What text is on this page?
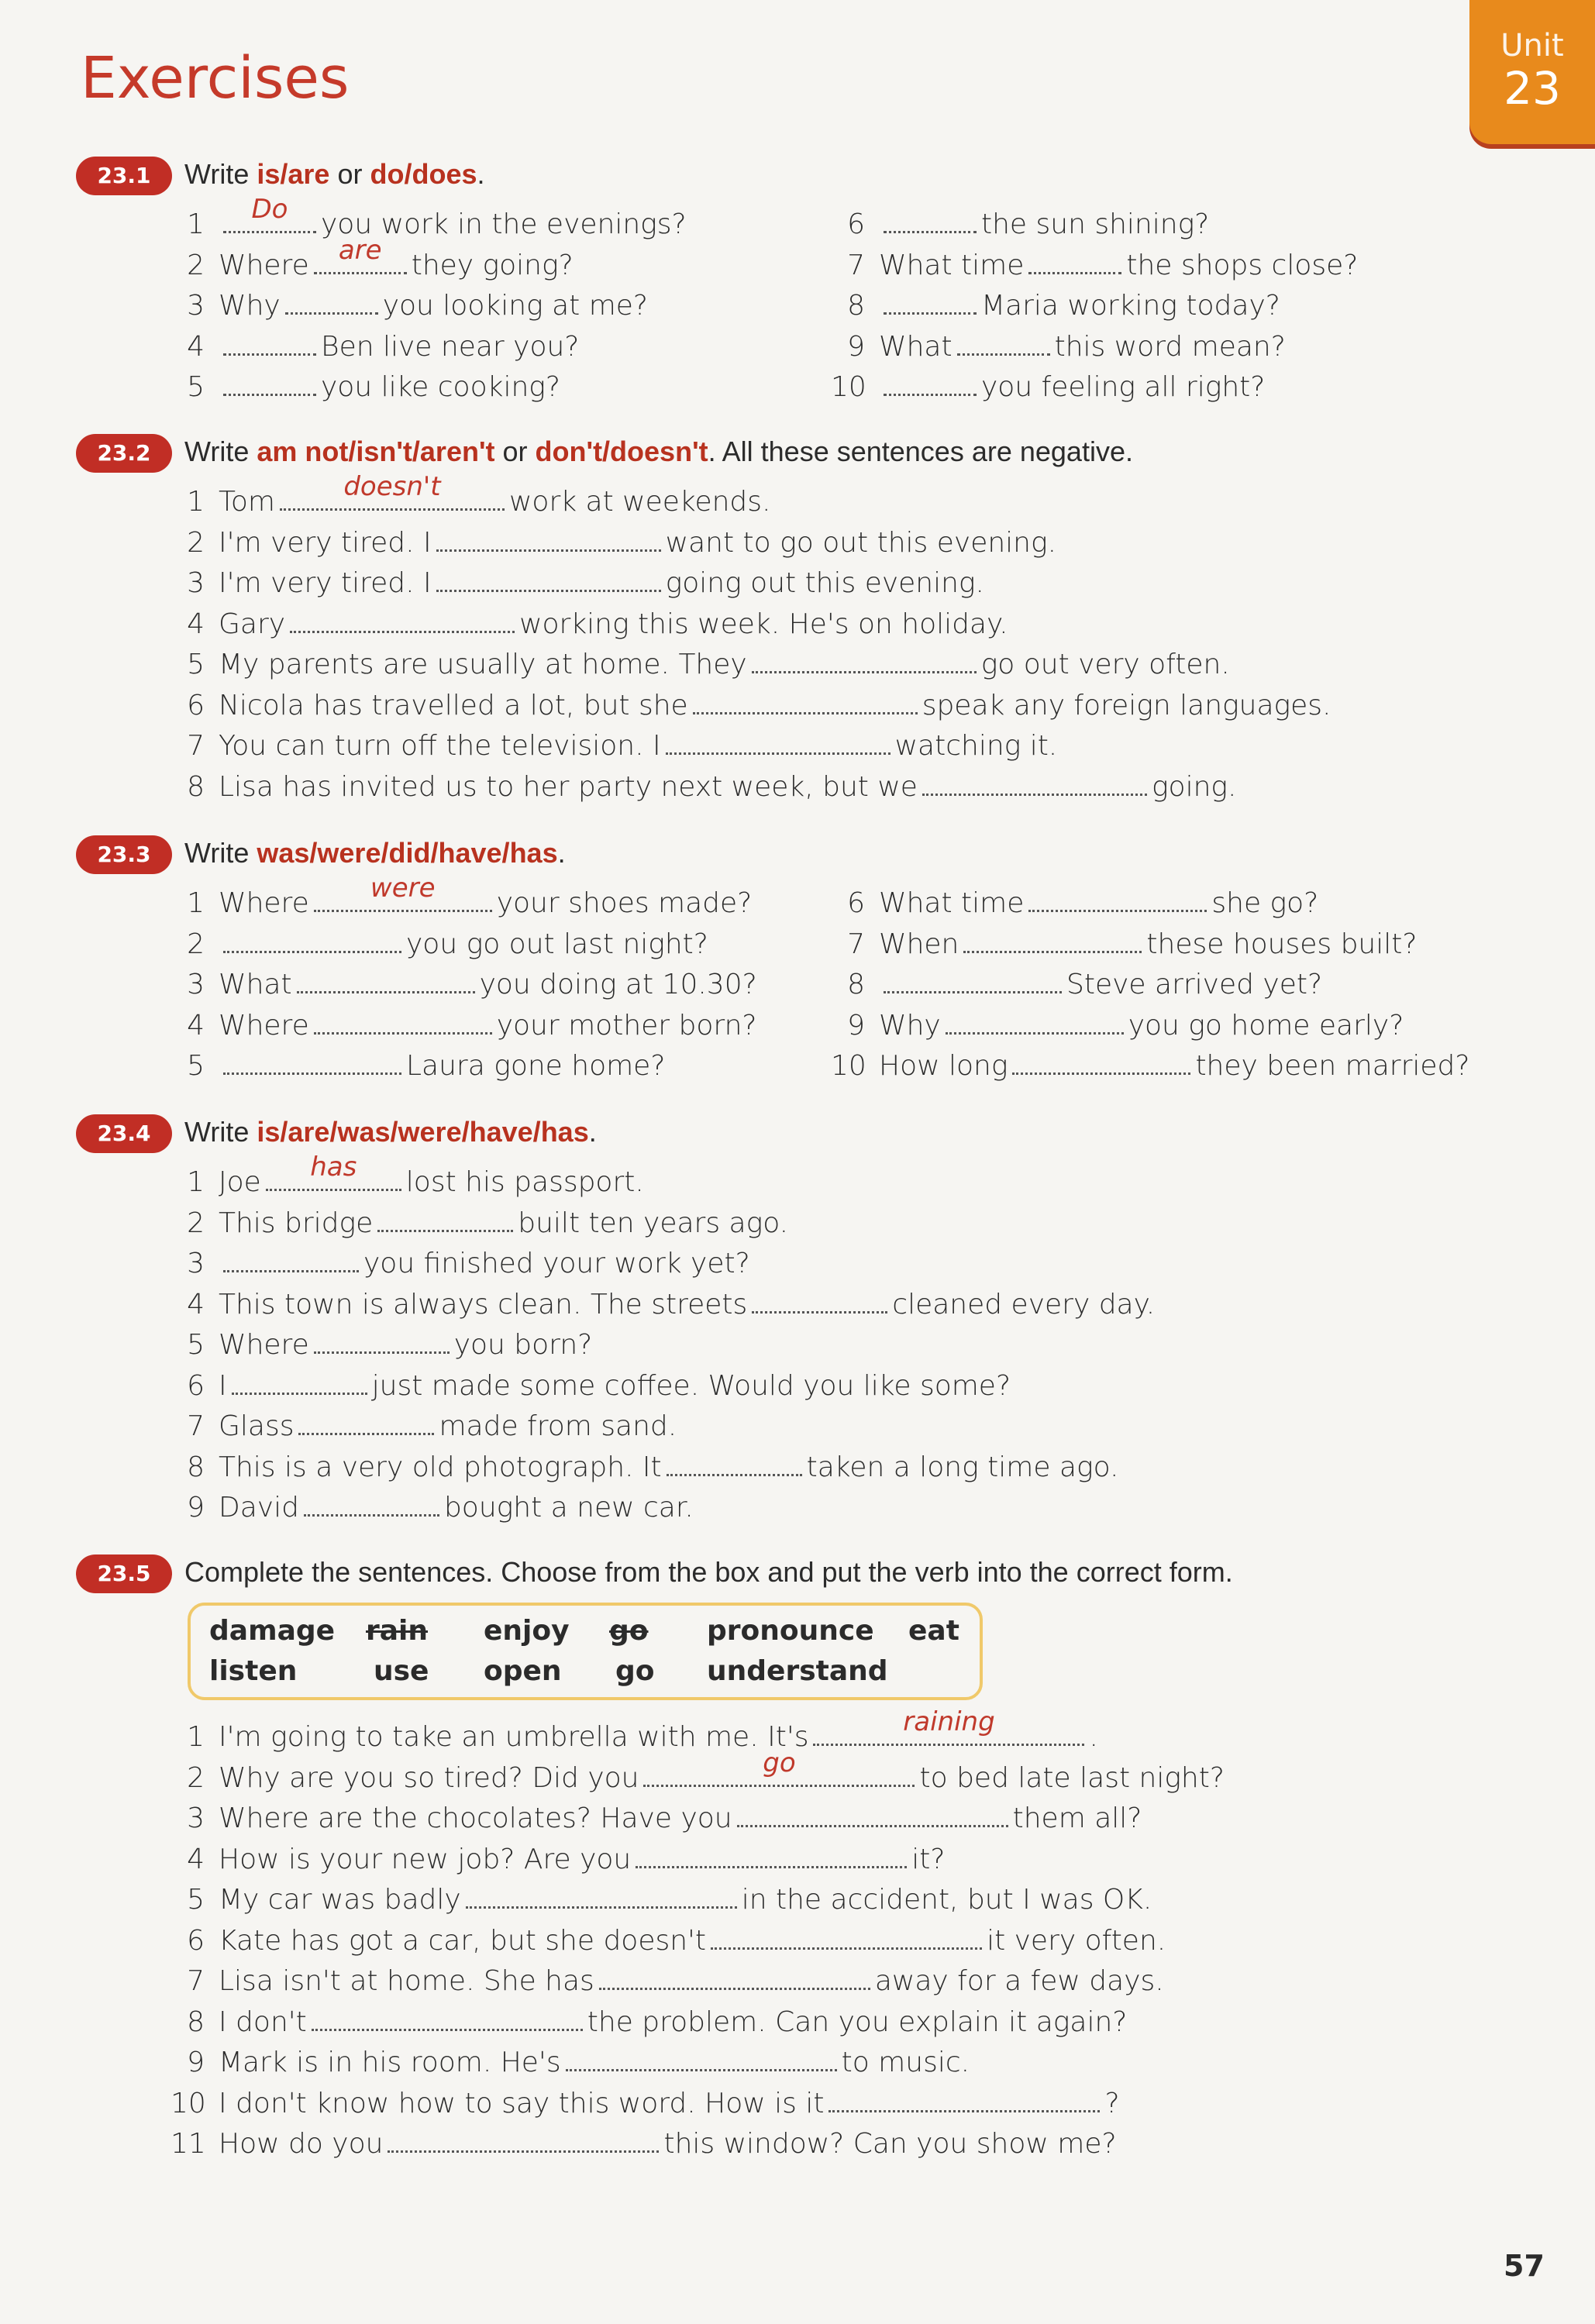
Exercises	Unit
23
23.1	Write is/are or do/does.
1	Do	you work in the evenings?
2 Where	are	they going?
3 Why	you looking at me?
4	Ben live near you?
5	you like cooking?
6	the sun shining?
7 What time	the shops close?
8	Maria working today?
9 What	this word mean?
10	you feeling all right?
23.2	Write am not/isn't/aren't or don't/doesn't. All these sentences are negative.
1 Tom	doesn't	work at weekends.
2 I'm very tired. I	want to go out this evening.
3 I'm very tired. I	going out this evening.
4 Gary	working this week. He's on holiday.
5 My parents are usually at home. They	go out very often.
6 Nicola has travelled a lot, but she	speak any foreign languages.
7 You can turn off the television. I	watching it.
8 Lisa has invited us to her party next week, but we	going.
23.3	Write was/were/did/have/has.
1 Where	were	your shoes made?
2	you go out last night?
3 What	you doing at 10.30?
4 Where	your mother born?
5	Laura gone home?
6 What time	she go?
7 When	these houses built?
8	Steve arrived yet?
9 Why	you go home early?
10 How long	they been married?
23.4	Write is/are/was/were/have/has.
1 Joe	has	lost his passport.
2 This bridge	built ten years ago.
3	you finished your work yet?
4 This town is always clean. The streets	cleaned every day.
5 Where	you born?
6 I	just made some coffee. Would you like some?
7 Glass	made from sand.
8 This is a very old photograph. It	taken a long time ago.
9 David	bought a new car.
23.5	Complete the sentences. Choose from the box and put the verb into the correct form.
damage rain enjoy go pronounce eat
listen	use open go understand
1 I'm going to take an umbrella with me. It's	raining	.
2 Why are you so tired? Did you	go	to bed late last night?
3 Where are the chocolates? Have you	them all?
4 How is your new job? Are you	it?
5 My car was badly	in the accident, but I was OK.
6 Kate has got a car, but she doesn't	it very often.
7 Lisa isn't at home. She has	away for a few days.
8 I don't	the problem. Can you explain it again?
9 Mark is in his room. He's	to music.
10 I don't know how to say this word. How is it	?
11 How do you	this window? Can you show me?
57
